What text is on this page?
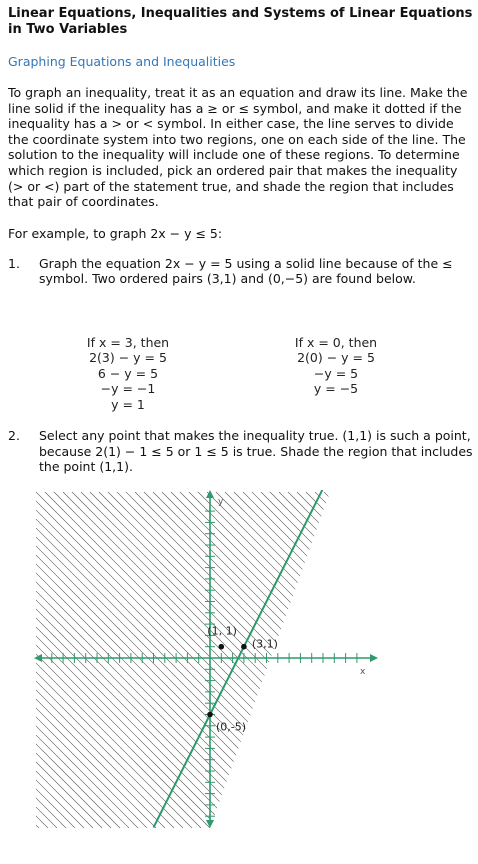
Linear Equations, Inequalities and Systems of Linear Equations in Two Variables

Graphing Equations and Inequalities

To graph an inequality, treat it as an equation and draw its line. Make the line solid if the inequality has a ≥ or ≤ symbol, and make it dotted if the inequality has a > or < symbol. In either case, the line serves to divide the coordinate system into two regions, one on each side of the line. The solution to the inequality will include one of these regions. To determine which region is included, pick an ordered pair that makes the inequality (> or <) part of the statement true, and shade the region that includes that pair of coordinates.

For example, to graph 2x − y ≤ 5:

1. Graph the equation 2x − y = 5 using a solid line because of the ≤ symbol. Two ordered pairs (3,1) and (0,−5) are found below.
If x = 3, then
2(3) − y = 5
6 − y = 5
−y = −1
y = 1
If x = 0, then
2(0) − y = 5
−y = 5
y = −5
2. Select any point that makes the inequality true. (1,1) is such a point, because 2(1) − 1 ≤ 5 or 1 ≤ 5 is true. Shade the region that includes the point (1,1).
(1, 1)
(3,1)
(0,-5)
y
x
